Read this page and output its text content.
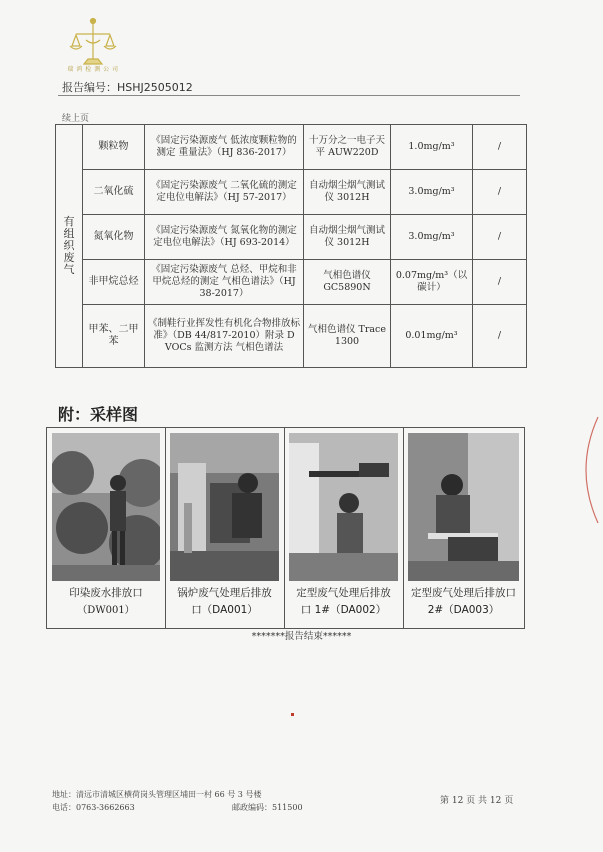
瑞 鸿 检 测 公 司
报告编号：HSHJ2505012
续上页
有组织废气	颗粒物	《固定污染源废气 低浓度颗粒物的测定 重量法》（HJ 836-2017）	十万分之一电子天平 AUW220D	1.0mg/m³	/
	二氧化硫	《固定污染源废气 二氧化硫的测定 定电位电解法》（HJ 57-2017）	自动烟尘烟气测试仪 3012H	3.0mg/m³	/
	氮氧化物	《固定污染源废气 氮氧化物的测定 定电位电解法》（HJ 693-2014）	自动烟尘烟气测试仪 3012H	3.0mg/m³	/
	非甲烷总烃	《固定污染源废气 总烃、甲烷和非甲烷总烃的测定 气相色谱法》（HJ 38-2017）	气相色谱仪 GC5890N	0.07mg/m³（以碳计）	/
	甲苯、二甲苯	《制鞋行业挥发性有机化合物排放标准》（DB 44/817-2010）附录 D VOCs 监测方法 气相色谱法	气相色谱仪 Trace 1300	0.01mg/m³	/
附：采样图
印染废水排放口
（DW001）
锅炉废气处理后排放
口（DA001）
定型废气处理后排放
口 1#（DA002）
定型废气处理后排放口
2#（DA003）
*******报告结束******
地址：清远市清城区横荷岗头管理区埔田一村 66 号 3 号楼
电话：0763-3662663	邮政编码：511500
第 12 页 共 12 页
